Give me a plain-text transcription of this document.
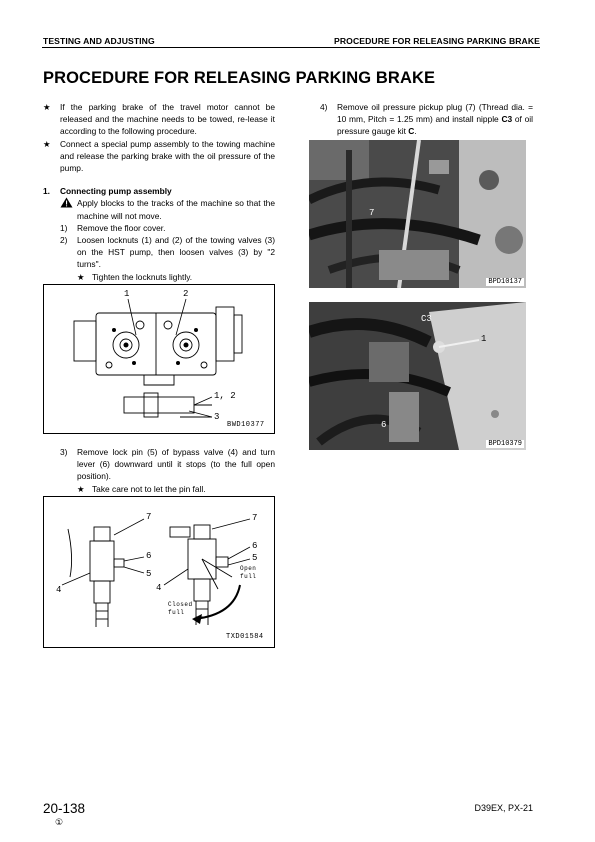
TESTING AND ADJUSTING	PROCEDURE FOR RELEASING PARKING BRAKE
PROCEDURE FOR RELEASING PARKING BRAKE
★	If the parking brake of the travel motor cannot be released and the machine needs to be towed, re-lease it according to the following procedure.
★	Connect a special pump assembly to the towing machine and release the parking brake with the oil pressure of the pump.
1.	Connecting pump assembly
Apply blocks to the tracks of the machine so that the machine will not move.
1)	Remove the floor cover.
2)	Loosen locknuts (1) and (2) of the towing valves (3) on the HST pump, then loosen valves (3) by "2 turns".
★ Tighten the locknuts lightly.
1	2
1, 2
3
BWD10377
3)	Remove lock pin (5) of bypass valve (4) and turn lever (6) downward until it stops (to the full open position).
★ Take care not to let the pin fall.
7
6
5
4
7
6
5
4
Open full
Closed full
TXD01584
4)	Remove oil pressure pickup plug (7) (Thread dia. = 10 mm, Pitch = 1.25 mm) and install nipple C3 of oil pressure gauge kit C.
7
BPD10137
C3
1
6
BPD10379
20-138
①
D39EX, PX-21
